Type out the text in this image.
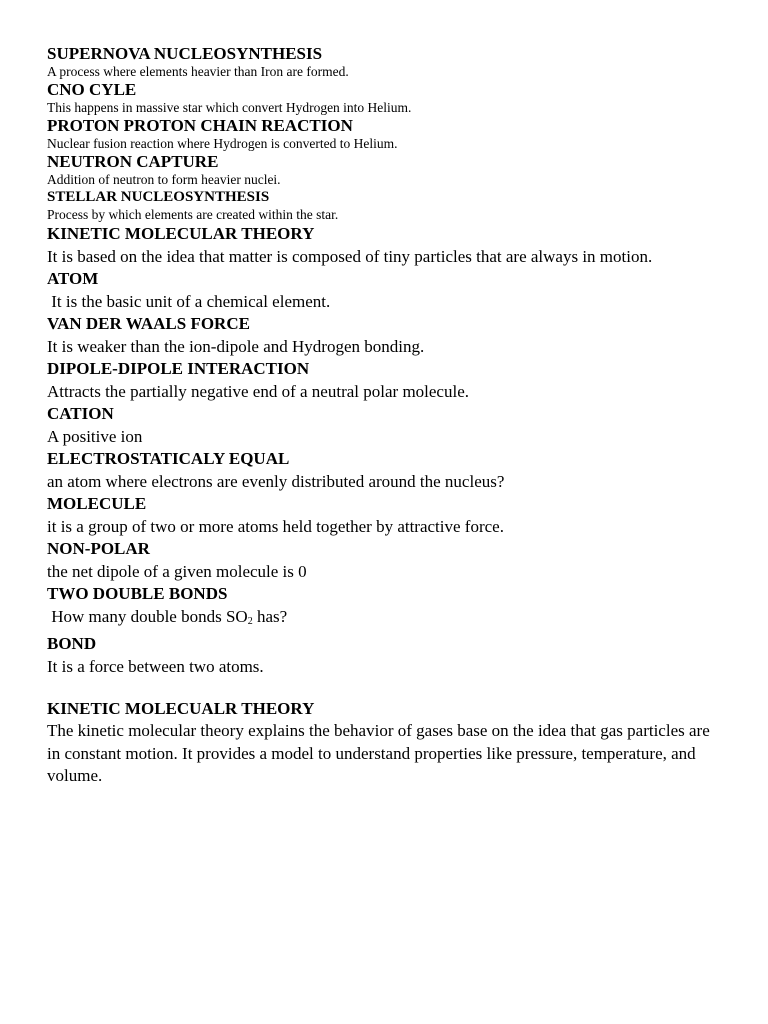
SUPERNOVA NUCLEOSYNTHESIS
A process where elements heavier than Iron are formed.
CNO CYLE
This happens in massive star which convert Hydrogen into Helium.
PROTON PROTON CHAIN REACTION
Nuclear fusion reaction where Hydrogen is converted to Helium.
NEUTRON CAPTURE
Addition of neutron to form heavier nuclei.
STELLAR NUCLEOSYNTHESIS
Process by which elements are created within the star.
KINETIC MOLECULAR THEORY
It is based on the idea that matter is composed of tiny particles that are always in motion.
ATOM
It is the basic unit of a chemical element.
VAN DER WAALS FORCE
It is weaker than the ion-dipole and Hydrogen bonding.
DIPOLE-DIPOLE INTERACTION
Attracts the partially negative end of a neutral polar molecule.
CATION
A positive ion
ELECTROSTATICALY EQUAL
an atom where electrons are evenly distributed around the nucleus?
MOLECULE
it is a group of two or more atoms held together by attractive force.
NON-POLAR
the net dipole of a given molecule is 0
TWO DOUBLE BONDS
How many double bonds $SO_2$ has?
BOND
It is a force between two atoms.
KINETIC MOLECUALR THEORY
The kinetic molecular theory explains the behavior of gases base on the idea that gas particles are in constant motion. It provides a model to understand properties like pressure, temperature, and volume.
